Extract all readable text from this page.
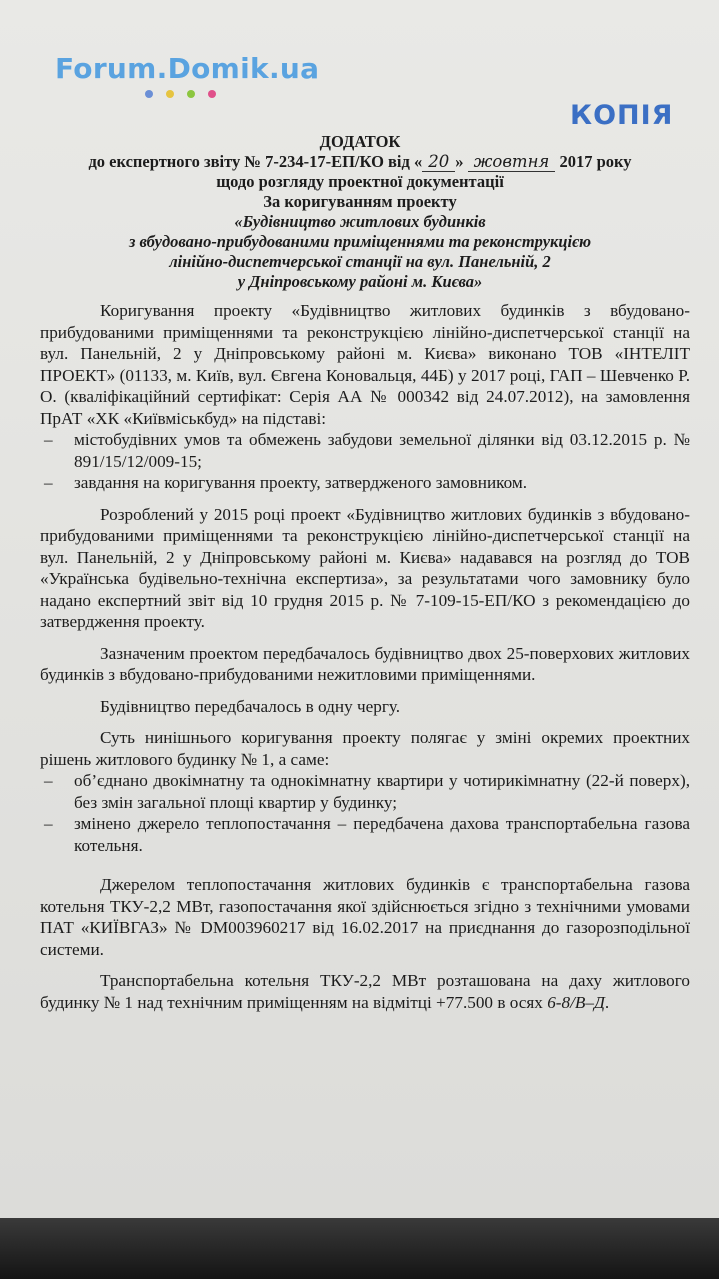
Forum.Domik.ua
КОПІЯ
ДОДАТОК
до експертного звіту № 7-234-17-ЕП/КО від « 20 » жовтня 2017 року
щодо розгляду проектної документації
За коригуванням проекту
«Будівництво житлових будинків
з вбудовано-прибудованими приміщеннями та реконструкцією
лінійно-диспетчерської станції на вул. Панельній, 2
у Дніпровському районі м. Києва»

Коригування проекту «Будівництво житлових будинків з вбудовано-прибудованими приміщеннями та реконструкцією лінійно-диспетчерської станції на вул. Панельній, 2 у Дніпровському районі м. Києва» виконано ТОВ «ІНТЕЛІТ ПРОЕКТ» (01133, м. Київ, вул. Євгена Коновальця, 44Б) у 2017 році, ГАП – Шевченко Р. О. (кваліфікаційний сертифікат: Серія АА № 000342 від 24.07.2012), на замовлення ПрАТ «ХК «Київміськбуд» на підставі:

– містобудівних умов та обмежень забудови земельної ділянки від 03.12.2015 р. № 891/15/12/009-15;
– завдання на коригування проекту, затвердженого замовником.

Розроблений у 2015 році проект «Будівництво житлових будинків з вбудовано-прибудованими приміщеннями та реконструкцією лінійно-диспетчерської станції на вул. Панельній, 2 у Дніпровському районі м. Києва» надавався на розгляд до ТОВ «Українська будівельно-технічна експертиза», за результатами чого замовнику було надано експертний звіт від 10 грудня 2015 р. № 7-109-15-ЕП/КО з рекомендацією до затвердження проекту.

Зазначеним проектом передбачалось будівництво двох 25-поверхових житлових будинків з вбудовано-прибудованими нежитловими приміщеннями.

Будівництво передбачалось в одну чергу.

Суть нинішнього коригування проекту полягає у зміні окремих проектних рішень житлового будинку № 1, а саме:

– об’єднано двокімнатну та однокімнатну квартири у чотирикімнатну (22-й поверх), без змін загальної площі квартир у будинку;
– змінено джерело теплопостачання – передбачена дахова транспортабельна газова котельня.

Джерелом теплопостачання житлових будинків є транспортабельна газова котельня ТКУ-2,2 МВт, газопостачання якої здійснюється згідно з технічними умовами ПАТ «КИЇВГАЗ» № DM003960217 від 16.02.2017 на приєднання до газорозподільної системи.

Транспортабельна котельня ТКУ-2,2 МВт розташована на даху житлового будинку № 1 над технічним приміщенням на відмітці +77.500 в осях 6-8/В–Д.
